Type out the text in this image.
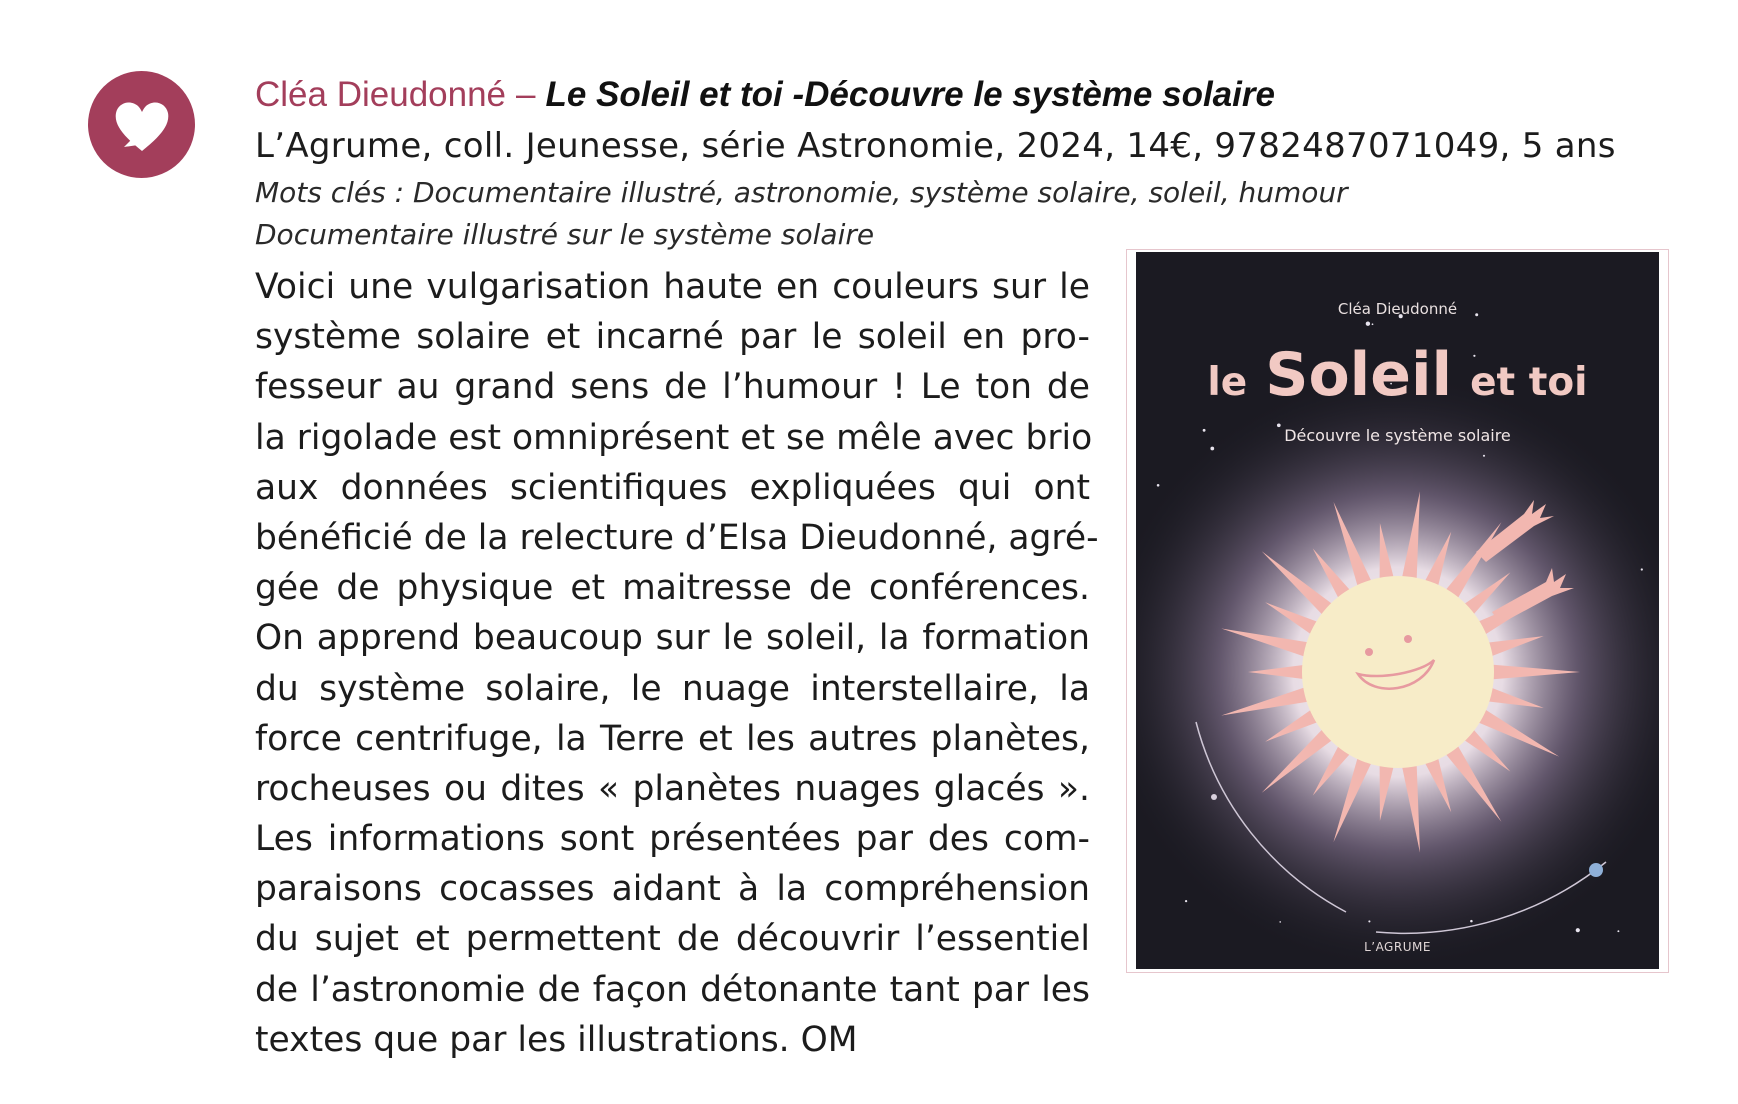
Cléa Dieudonné – Le Soleil et toi -Découvre le système solaire
L’Agrume, coll. Jeunesse, série Astronomie, 2024, 14€, 9782487071049, 5 ans
Mots clés : Documentaire illustré, astronomie, système solaire, soleil, humour
Documentaire illustré sur le système solaire
Voici une vulgarisation haute en couleurs sur le
système solaire et incarné par le soleil en pro-
fesseur au grand sens de l’humour ! Le ton de
la rigolade est omniprésent et se mêle avec brio
aux données scientifiques expliquées qui ont
bénéficié de la relecture d’Elsa Dieudonné, agré-
gée de physique et maitresse de conférences.
On apprend beaucoup sur le soleil, la formation
du système solaire, le nuage interstellaire, la
force centrifuge, la Terre et les autres planètes,
rocheuses ou dites « planètes nuages glacés ».
Les informations sont présentées par des com-
paraisons cocasses aidant à la compréhension
du sujet et permettent de découvrir l’essentiel
de l’astronomie de façon détonante tant par les
textes que par les illustrations. OM
Cléa Dieudonné
le Soleil et toi
Découvre le système solaire
L’AGRUME
